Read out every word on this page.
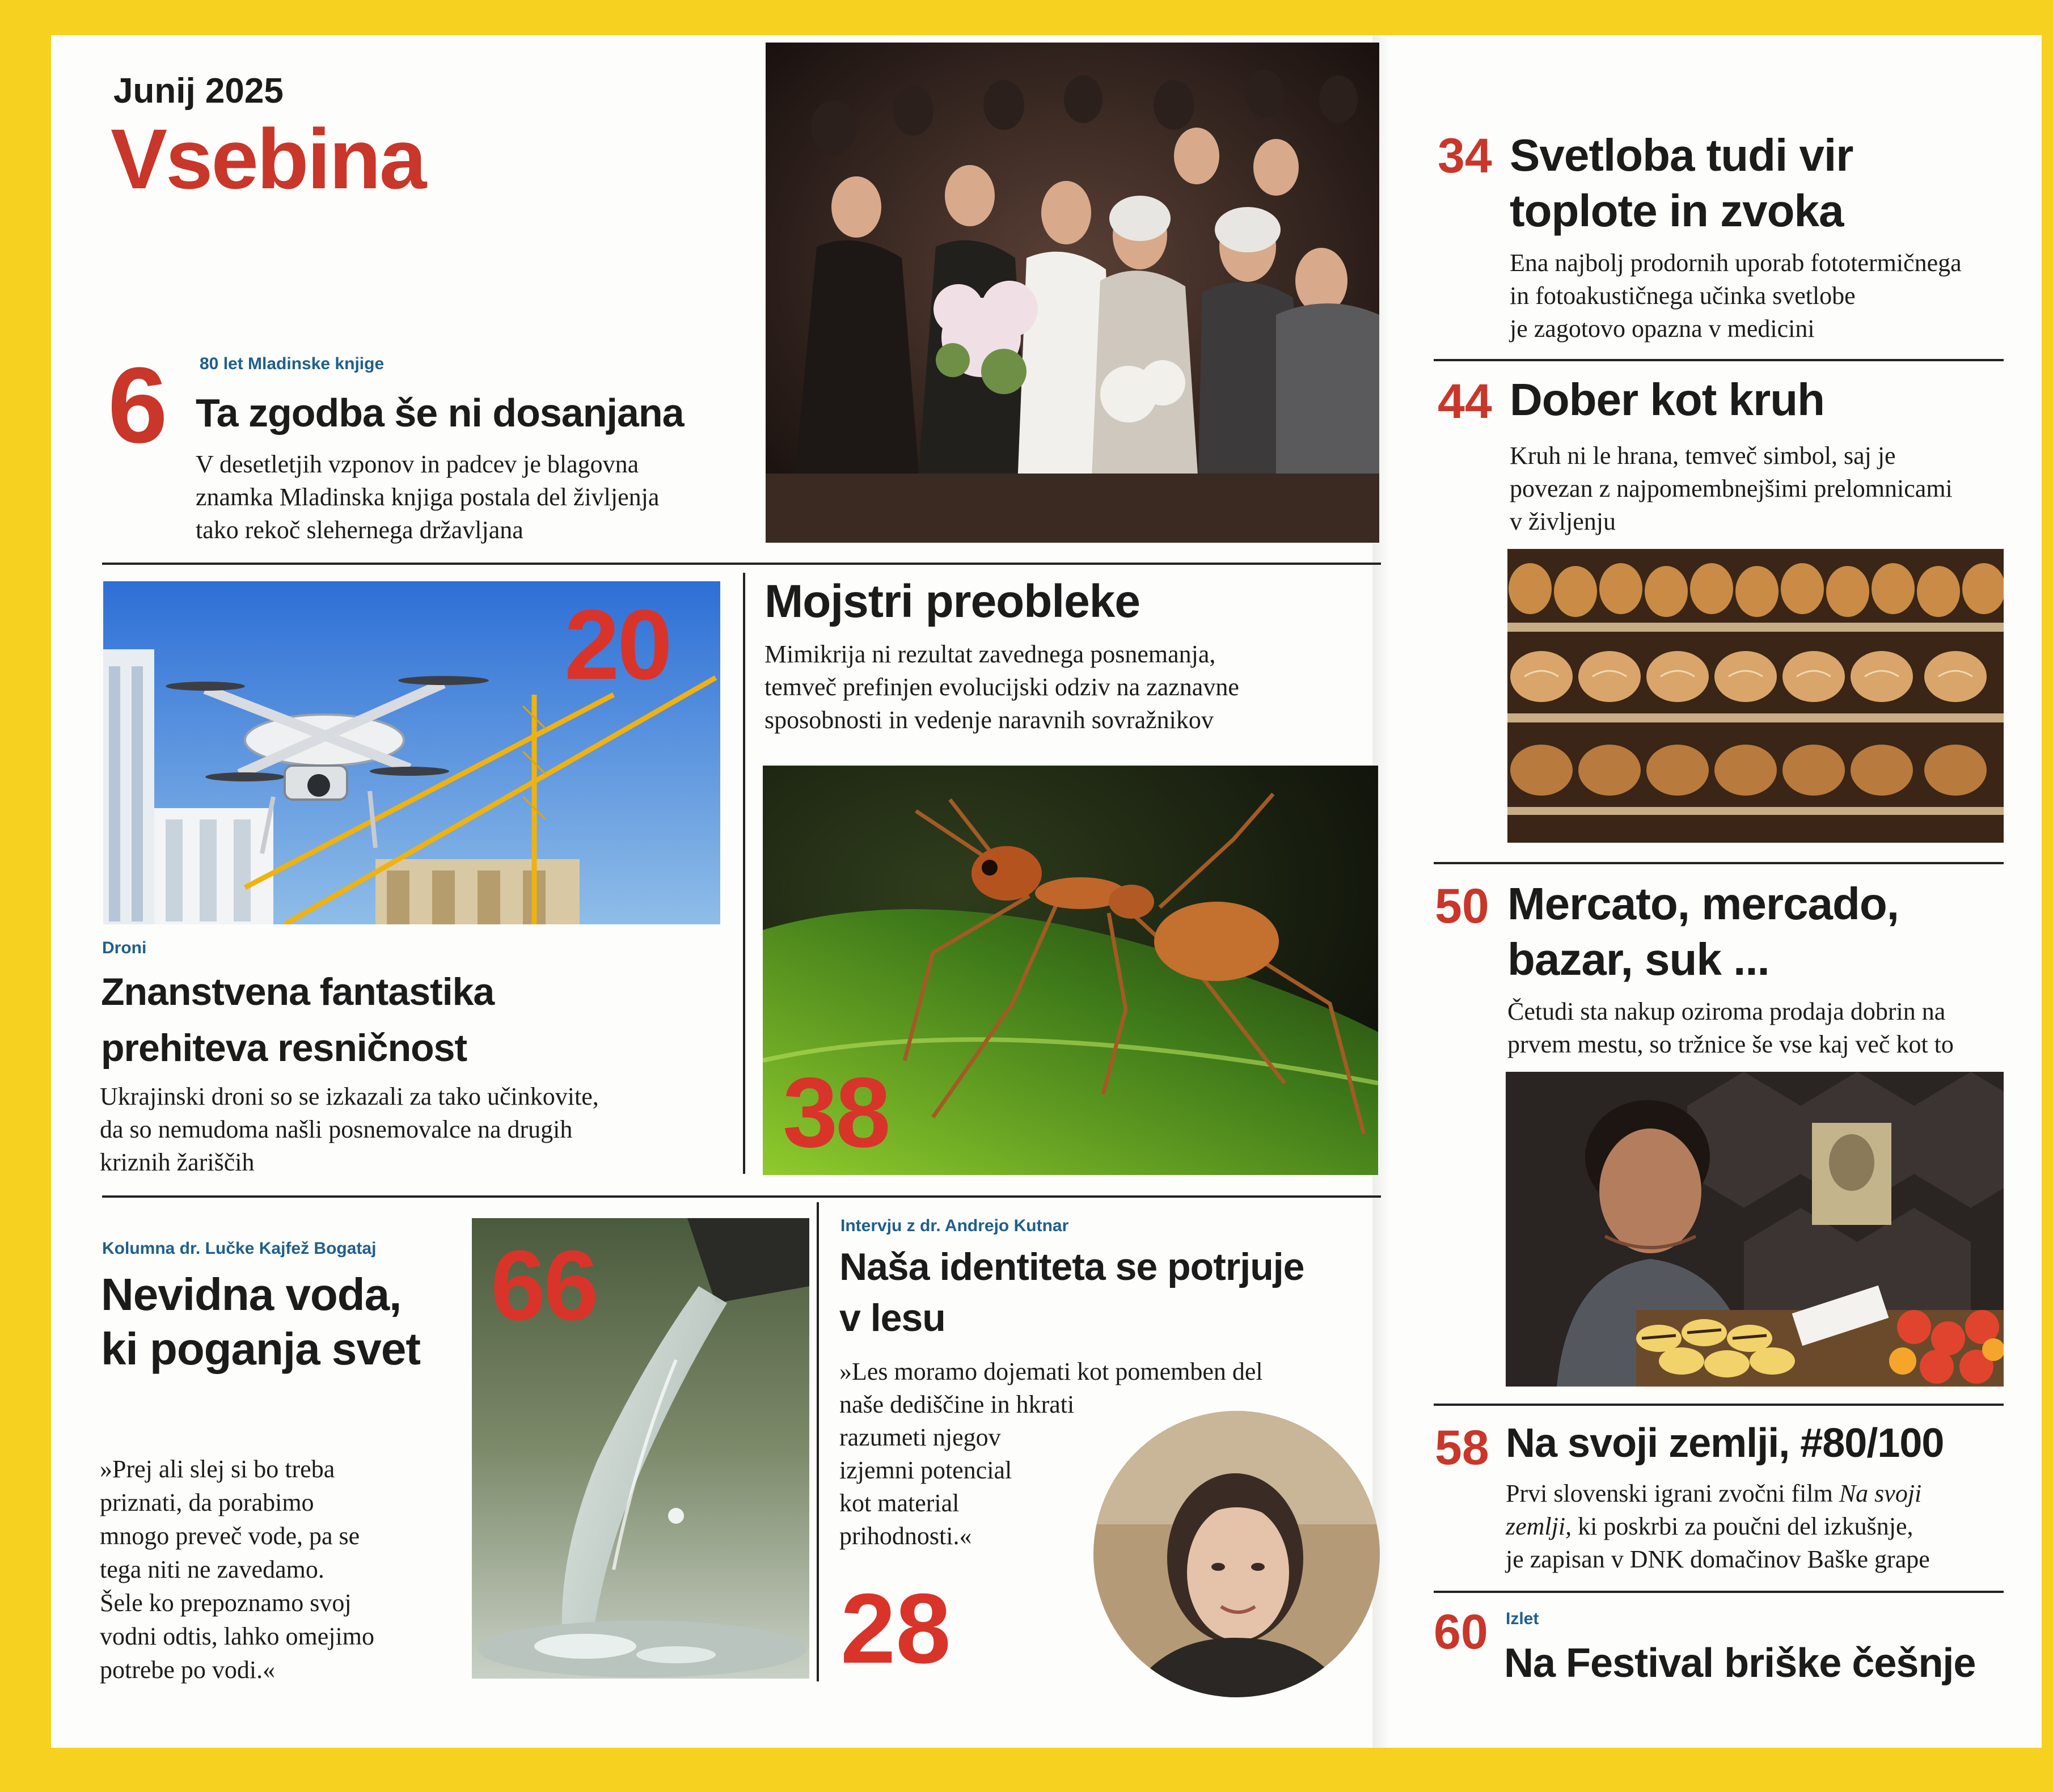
Junij 2025
Vsebina
6 80 let Mladinske knjige
Ta zgodba še ni dosanjana
V desetletjih vzponov in padcev je blagovna
znamka Mladinska knjiga postala del življenja
tako rekoč slehernega državljana
20
Droni
Znanstvena fantastika
prehiteva resničnost
Ukrajinski droni so se izkazali za tako učinkovite,
da so nemudoma našli posnemovalce na drugih
kriznih žariščih
Mojstri preobleke
Mimikrija ni rezultat zavednega posnemanja,
temveč prefinjen evolucijski odziv na zaznavne
sposobnosti in vedenje naravnih sovražnikov
38
Kolumna dr. Lučke Kajfež Bogataj
Nevidna voda,
ki poganja svet
»Prej ali slej si bo treba
priznati, da porabimo
mnogo preveč vode, pa se
tega niti ne zavedamo.
Šele ko prepoznamo svoj
vodni odtis, lahko omejimo
potrebe po vodi.«
66
Intervju z dr. Andrejo Kutnar
Naša identiteta se potrjuje
v lesu
»Les moramo dojemati kot pomemben del
naše dediščine in hkrati
razumeti njegov
izjemni potencial
kot material
prihodnosti.«
28
34 Svetloba tudi vir
toplote in zvoka
Ena najbolj prodornih uporab fototermičnega
in fotoakustičnega učinka svetlobe
je zagotovo opazna v medicini
44 Dober kot kruh
Kruh ni le hrana, temveč simbol, saj je
povezan z najpomembnejšimi prelomnicami
v življenju
50 Mercato, mercado,
bazar, suk ...
Četudi sta nakup oziroma prodaja dobrin na
prvem mestu, so tržnice še vse kaj več kot to
58 Na svoji zemlji, #80/100
Prvi slovenski igrani zvočni film Na svoji
zemlji, ki poskrbi za poučni del izkušnje,
je zapisan v DNK domačinov Baške grape
60 Izlet
Na Festival briške češnje
